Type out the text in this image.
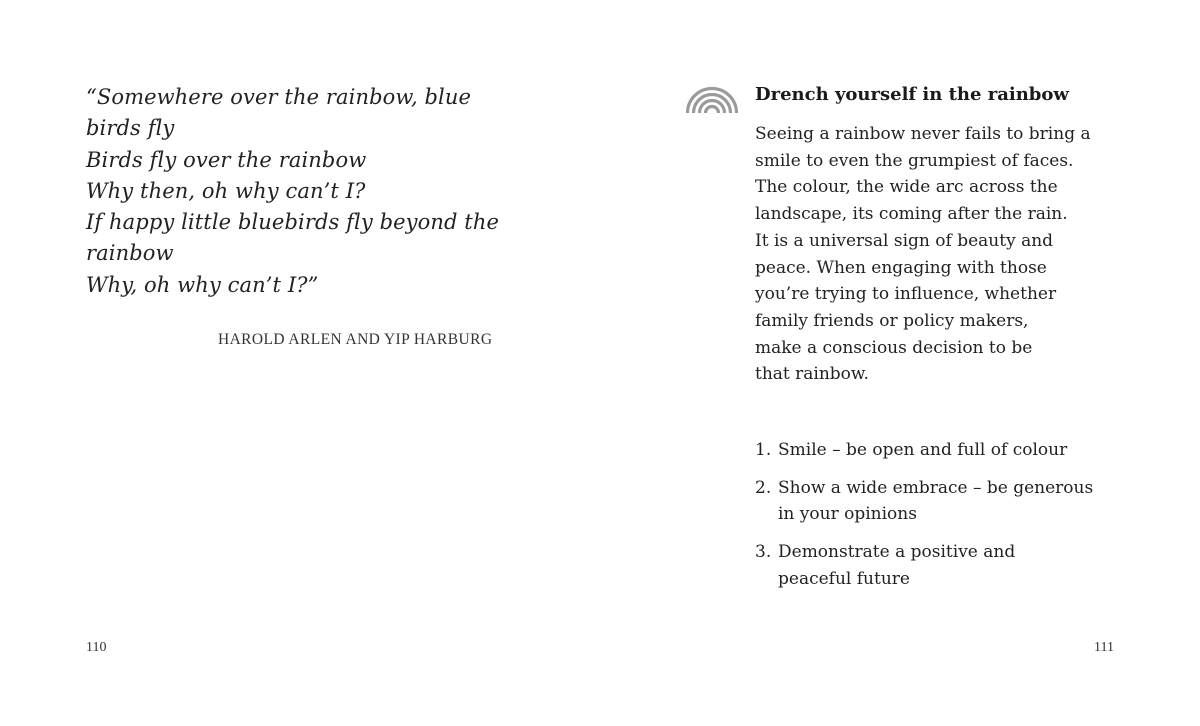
“Somewhere over the rainbow, blue
birds fly
Birds fly over the rainbow
Why then, oh why can’t I?
If happy little bluebirds fly beyond the
rainbow
Why, oh why can’t I?”
HAROLD ARLEN AND YIP HARBURG
110
Drench yourself in the rainbow
Seeing a rainbow never fails to bring a
smile to even the grumpiest of faces.
The colour, the wide arc across the
landscape, its coming after the rain.
It is a universal sign of beauty and
peace. When engaging with those
you’re trying to influence, whether
family friends or policy makers,
make a conscious decision to be
that rainbow.
1. Smile – be open and full of colour
2. Show a wide embrace – be generous
in your opinions
3. Demonstrate a positive and
peaceful future
111
